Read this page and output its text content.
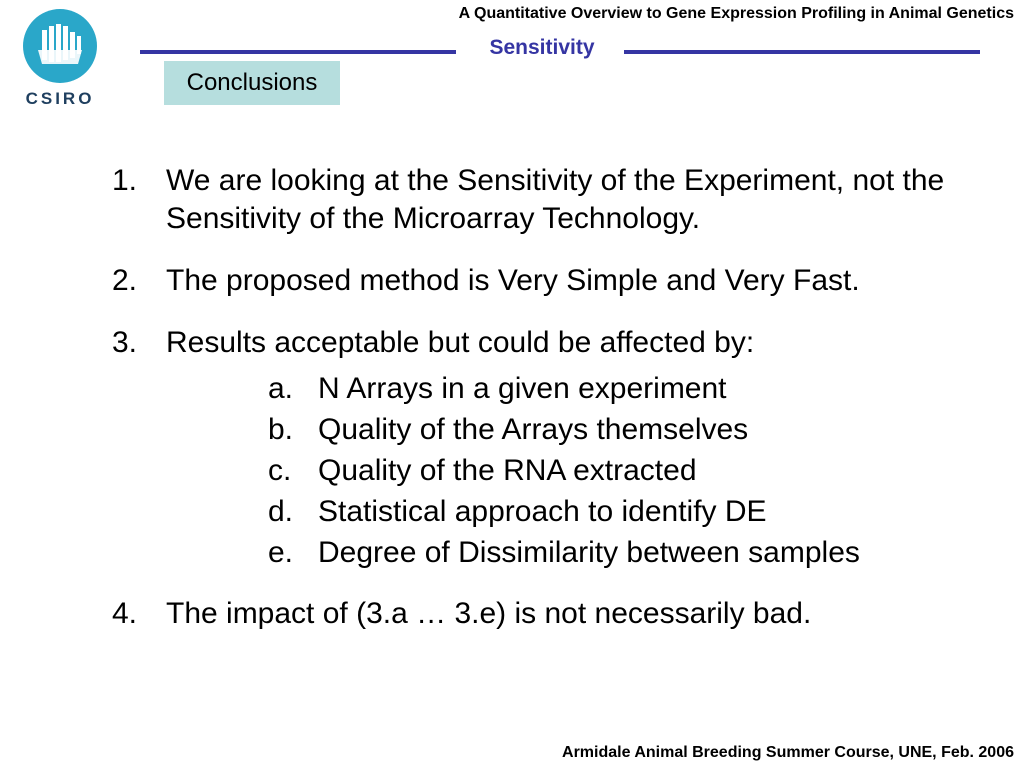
CSIRO
A Quantitative Overview to Gene Expression Profiling in Animal Genetics
Sensitivity
Conclusions
1. We are looking at the Sensitivity of the Experiment, not the Sensitivity of the Microarray Technology.
2. The proposed method is Very Simple and Very Fast.
3. Results acceptable but could be affected by:
a. N Arrays in a given experiment
b. Quality of the Arrays themselves
c. Quality of the RNA extracted
d. Statistical approach to identify DE
e. Degree of Dissimilarity between samples
4. The impact of (3.a … 3.e) is not necessarily bad.
Armidale Animal Breeding Summer Course, UNE, Feb. 2006
